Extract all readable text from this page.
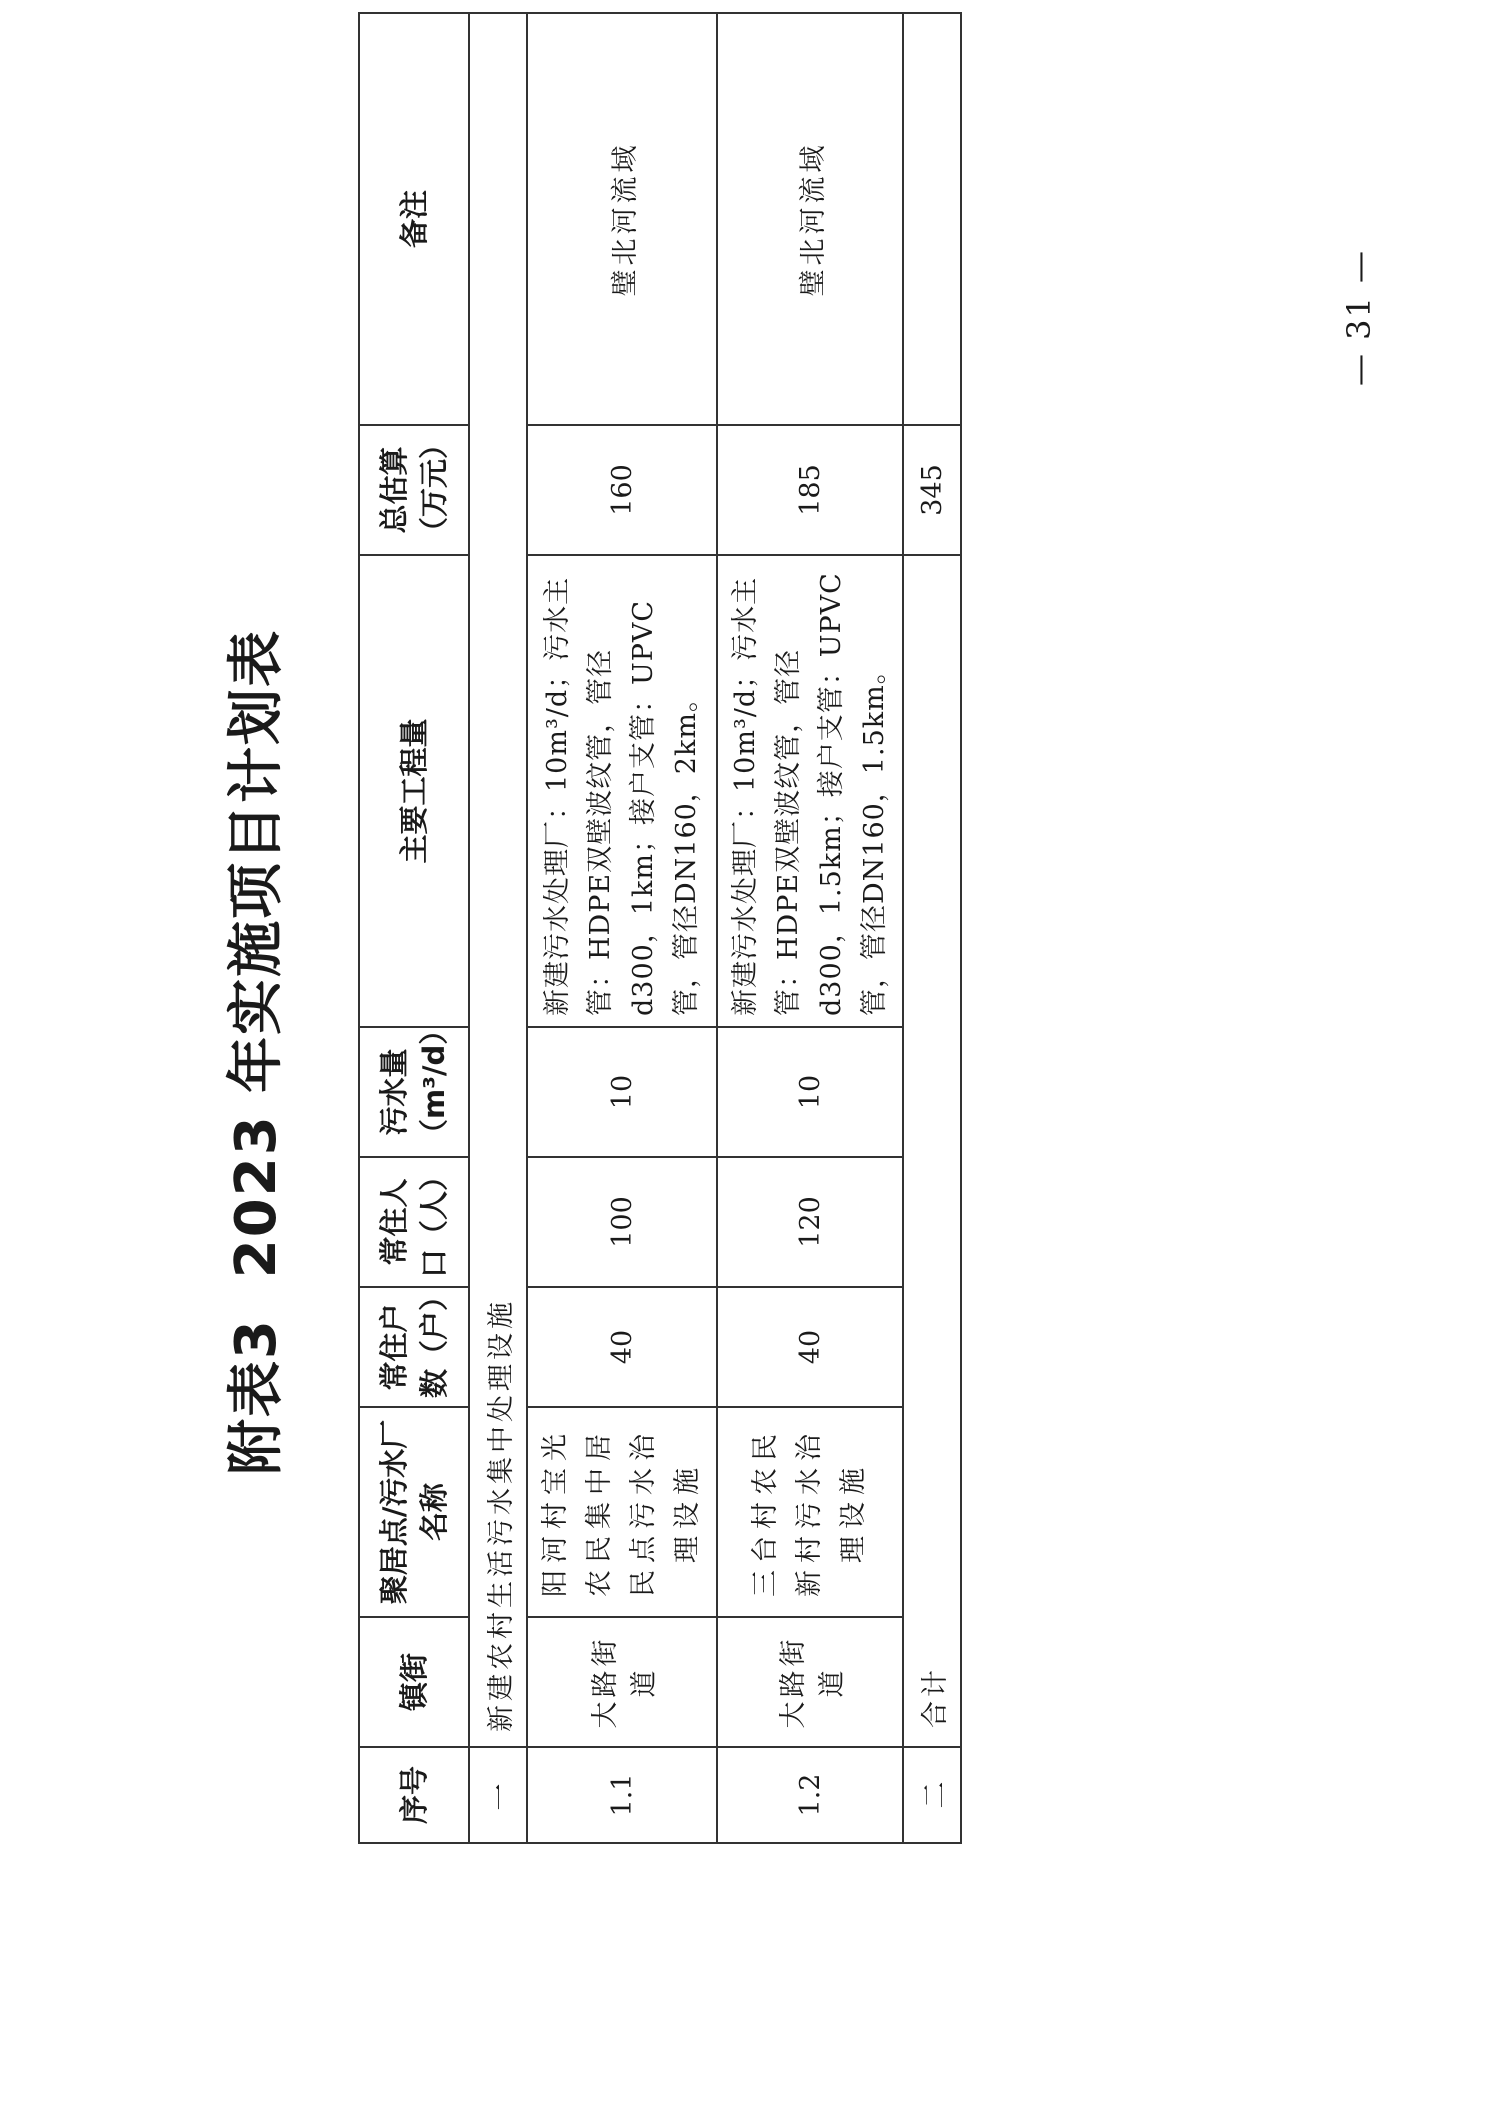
附表32023 年实施项目计划表
序号	镇街	聚居点/污水厂名称	常住户数（户）	常住人口（人）	污水量（m³/d）	主要工程量	总估算（万元）	备注
一	新建农村生活污水集中处理设施							
1.1	大路街道	阳河村宝光农民集中居民点污水治理设施	40	100	10	新建污水处理厂：10m³/d；污水主管：HDPE双壁波纹管，管径d300，1km；接户支管：UPVC管，管径DN160，2km。	160	璧北河流域
1.2	大路街道	三台村农民新村污水治理设施	40	120	10	新建污水处理厂：10m³/d；污水主管：HDPE双壁波纹管，管径d300，1.5km；接户支管：UPVC管，管径DN160，1.5km。	185	璧北河流域
二	合计						345	
— 31 —
